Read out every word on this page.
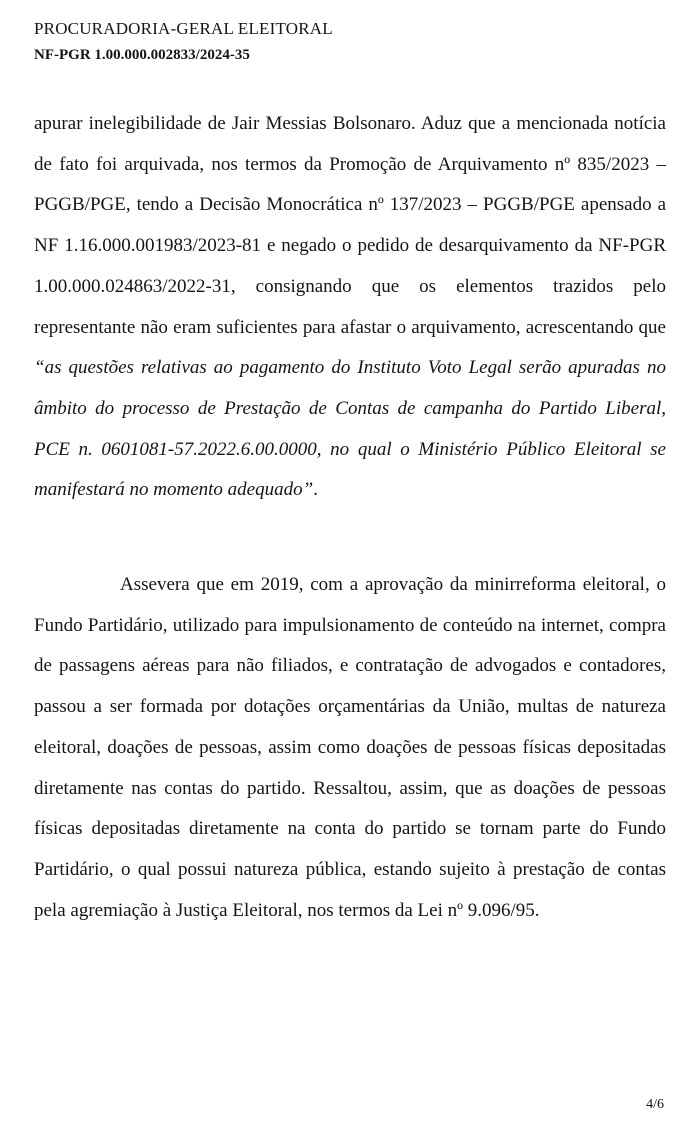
PROCURADORIA-GERAL ELEITORAL
NF-PGR 1.00.000.002833/2024-35

apurar inelegibilidade de Jair Messias Bolsonaro. Aduz que a mencionada notícia de fato foi arquivada, nos termos da Promoção de Arquivamento nº 835/2023 – PGGB/PGE, tendo a Decisão Monocrática nº 137/2023 – PGGB/PGE apensado a NF 1.16.000.001983/2023-81 e negado o pedido de desarquivamento da NF-PGR 1.00.000.024863/2022-31, consignando que os elementos trazidos pelo representante não eram suficientes para afastar o arquivamento, acrescentando que “as questões relativas ao pagamento do Instituto Voto Legal serão apuradas no âmbito do processo de Prestação de Contas de campanha do Partido Liberal, PCE n. 0601081-57.2022.6.00.0000, no qual o Ministério Público Eleitoral se manifestará no momento adequado”.

Assevera que em 2019, com a aprovação da minirreforma eleitoral, o Fundo Partidário, utilizado para impulsionamento de conteúdo na internet, compra de passagens aéreas para não filiados, e contratação de advogados e contadores, passou a ser formada por dotações orçamentárias da União, multas de natureza eleitoral, doações de pessoas, assim como doações de pessoas físicas depositadas diretamente nas contas do partido. Ressaltou, assim, que as doações de pessoas físicas depositadas diretamente na conta do partido se tornam parte do Fundo Partidário, o qual possui natureza pública, estando sujeito à prestação de contas pela agremiação à Justiça Eleitoral, nos termos da Lei nº 9.096/95.

4/6
